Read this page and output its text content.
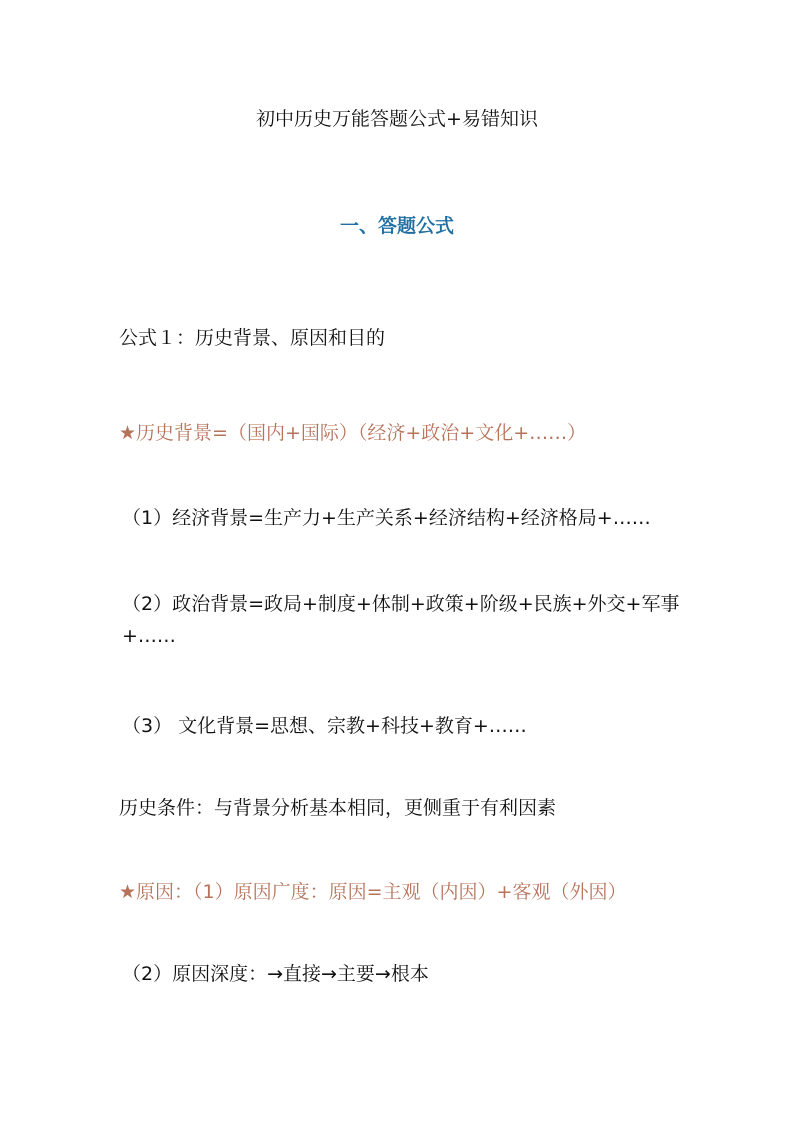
初中历史万能答题公式+易错知识
一、答题公式
公式１：历史背景、原因和目的
★历史背景=（国内+国际）（经济+政治+文化+……）
（1）经济背景=生产力+生产关系+经济结构+经济格局+……
（2）政治背景=政局+制度+体制+政策+阶级+民族+外交+军事+……
（3） 文化背景=思想、宗教+科技+教育+……
历史条件：与背景分析基本相同，更侧重于有利因素
★原因：（1）原因广度：原因=主观（内因）+客观（外因）
（2）原因深度：→直接→主要→根本
